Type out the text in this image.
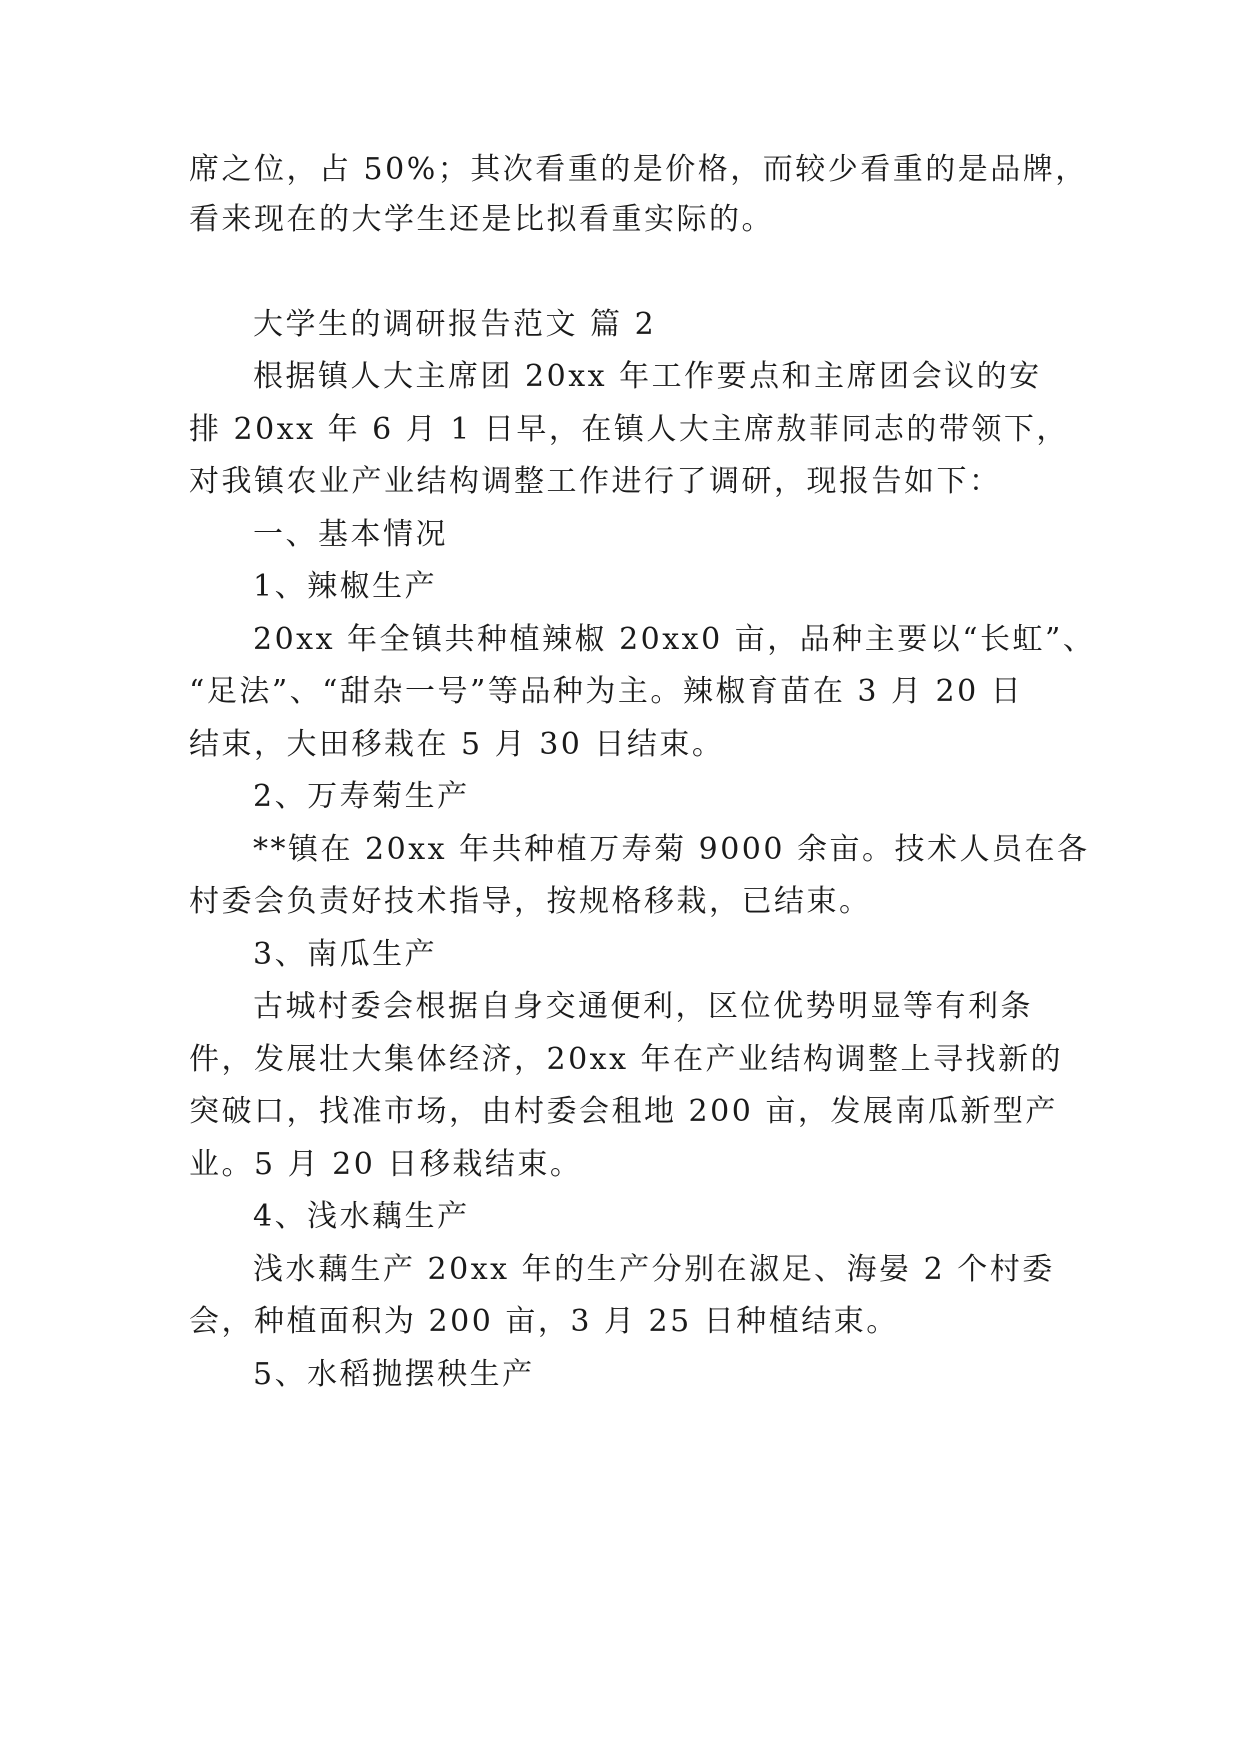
席之位，占 50%；其次看重的是价格，而较少看重的是品牌，
看来现在的大学生还是比拟看重实际的。
大学生的调研报告范文 篇 2
根据镇人大主席团 20xx 年工作要点和主席团会议的安
排 20xx 年 6 月 1 日早，在镇人大主席敖菲同志的带领下，
对我镇农业产业结构调整工作进行了调研，现报告如下：
一、基本情况
1、辣椒生产
20xx 年全镇共种植辣椒 20xx0 亩，品种主要以“长虹”、
“足法”、“甜杂一号”等品种为主。辣椒育苗在 3 月 20 日
结束，大田移栽在 5 月 30 日结束。
2、万寿菊生产
**镇在 20xx 年共种植万寿菊 9000 余亩。技术人员在各
村委会负责好技术指导，按规格移栽，已结束。
3、南瓜生产
古城村委会根据自身交通便利，区位优势明显等有利条
件，发展壮大集体经济，20xx 年在产业结构调整上寻找新的
突破口，找准市场，由村委会租地 200 亩，发展南瓜新型产
业。5 月 20 日移栽结束。
4、浅水藕生产
浅水藕生产 20xx 年的生产分别在淑足、海晏 2 个村委
会，种植面积为 200 亩，3 月 25 日种植结束。
5、水稻抛摆秧生产
